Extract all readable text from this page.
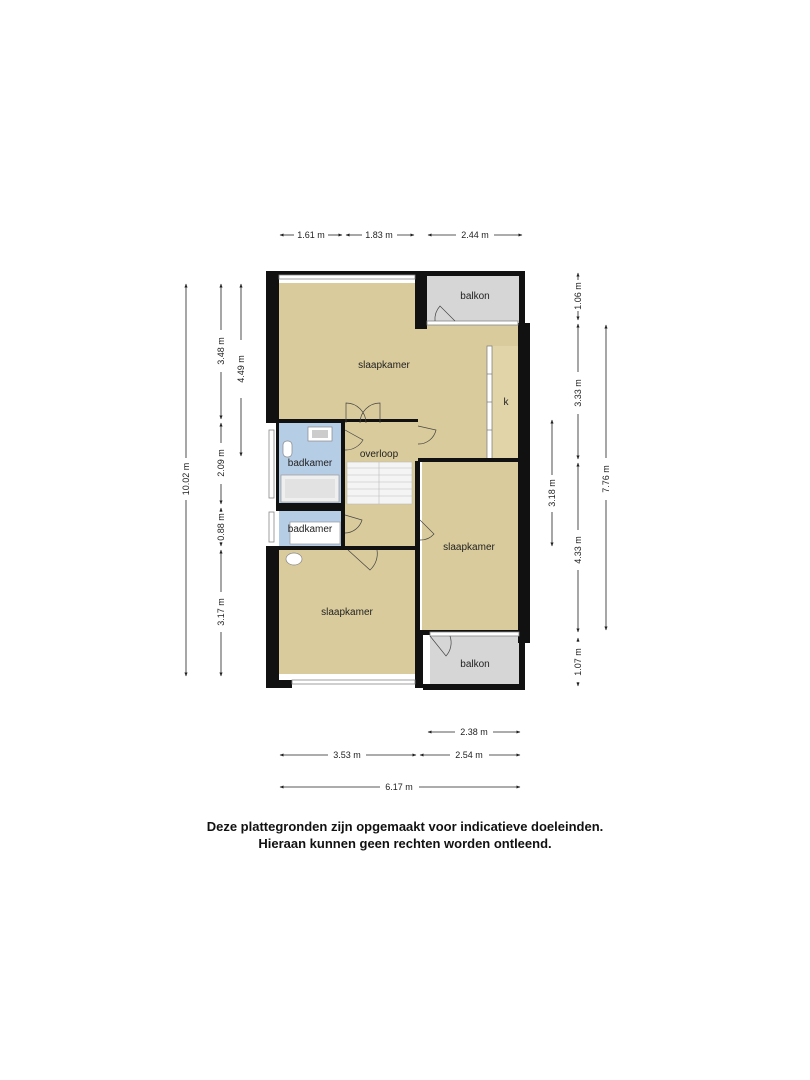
slaapkamer
balkon
k
badkamer
overloop
badkamer
slaapkamer
slaapkamer
balkon
1.61 m	1.83 m	2.44 m
2.38 m
3.53 m	2.54 m
6.17 m
10.02 m
3.48 m
2.09 m
0.88 m
3.17 m
4.49 m
1.06 m
3.33 m
4.33 m
1.07 m
7.76 m
3.18 m
Deze plattegronden zijn opgemaakt voor indicatieve doeleinden.
Hieraan kunnen geen rechten worden ontleend.
